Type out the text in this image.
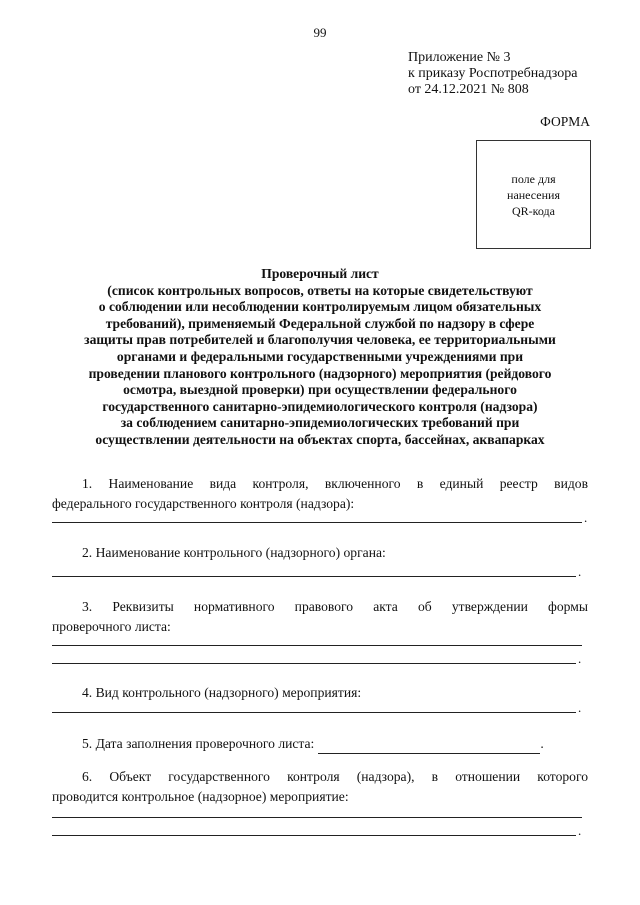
99
Приложение № 3
к приказу Роспотребнадзора
от 24.12.2021 № 808
ФОРМА
поле для
нанесения
QR-кода
Проверочный лист
(список контрольных вопросов, ответы на которые свидетельствуют
о соблюдении или несоблюдении контролируемым лицом обязательных
требований), применяемый Федеральной службой по надзору в сфере
защиты прав потребителей и благополучия человека, ее территориальными
органами и федеральными государственными учреждениями при
проведении планового контрольного (надзорного) мероприятия (рейдового
осмотра, выездной проверки) при осуществлении федерального
государственного санитарно-эпидемиологического контроля (надзора)
за соблюдением санитарно-эпидемиологических требований при
осуществлении деятельности на объектах спорта, бассейнах, аквапарках
1. Наименование вида контроля, включенного в единый реестр видов
федерального государственного контроля (надзора):
.
2. Наименование контрольного (надзорного) органа:
.
3. Реквизиты нормативного правового акта об утверждении формы
проверочного листа:
.
4. Вид контрольного (надзорного) мероприятия:
.
5. Дата заполнения проверочного листа:	.
6. Объект государственного контроля (надзора), в отношении которого
проводится контрольное (надзорное) мероприятие:
.
